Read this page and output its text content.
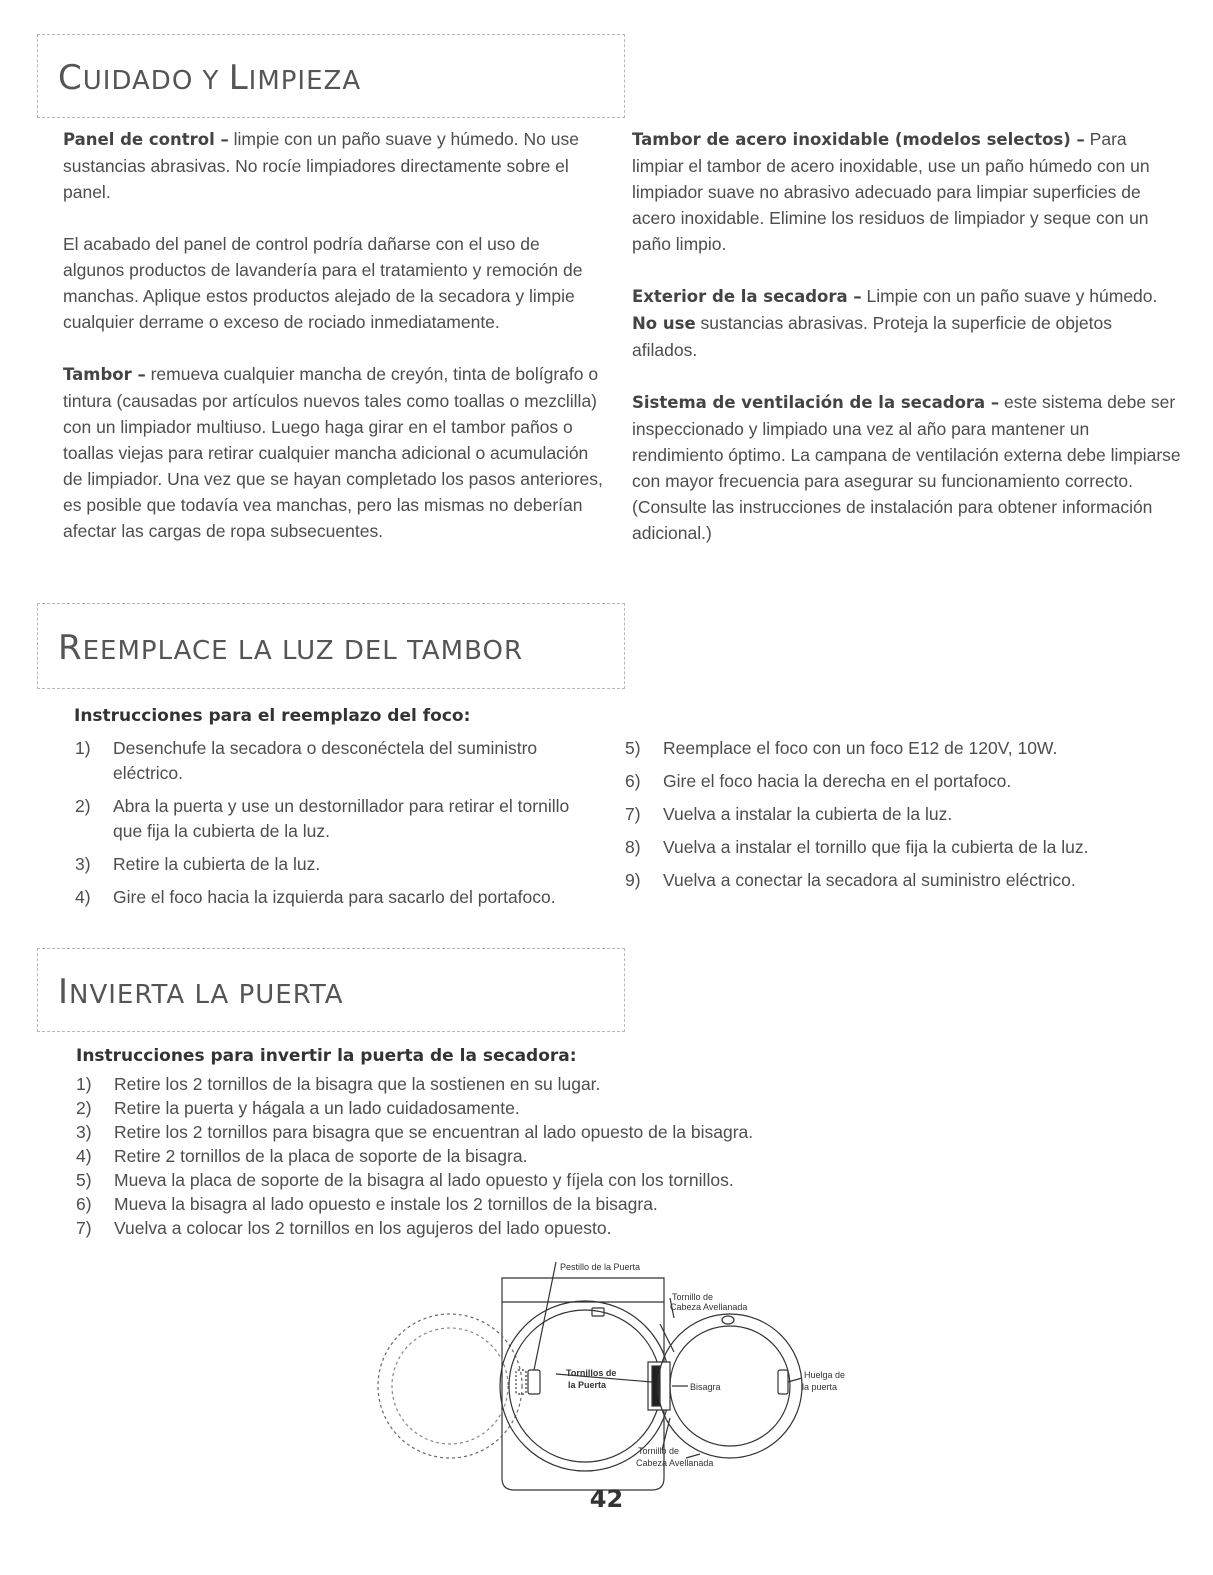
CUIDADO Y LIMPIEZA

Panel de control – limpie con un paño suave y húmedo. No use sustancias abrasivas. No rocíe limpiadores directamente sobre el panel.

El acabado del panel de control podría dañarse con el uso de algunos productos de lavandería para el tratamiento y remoción de manchas. Aplique estos productos alejado de la secadora y limpie cualquier derrame o exceso de rociado inmediatamente.

Tambor – remueva cualquier mancha de creyón, tinta de bolígrafo o tintura (causadas por artículos nuevos tales como toallas o mezclilla) con un limpiador multiuso. Luego haga girar en el tambor paños o toallas viejas para retirar cualquier mancha adicional o acumulación de limpiador. Una vez que se hayan completado los pasos anteriores, es posible que todavía vea manchas, pero las mismas no deberían afectar las cargas de ropa subsecuentes.

Tambor de acero inoxidable (modelos selectos) – Para limpiar el tambor de acero inoxidable, use un paño húmedo con un limpiador suave no abrasivo adecuado para limpiar superficies de acero inoxidable. Elimine los residuos de limpiador y seque con un paño limpio.

Exterior de la secadora – Limpie con un paño suave y húmedo. No use sustancias abrasivas. Proteja la superficie de objetos afilados.

Sistema de ventilación de la secadora – este sistema debe ser inspeccionado y limpiado una vez al año para mantener un rendimiento óptimo. La campana de ventilación externa debe limpiarse con mayor frecuencia para asegurar su funcionamiento correcto. (Consulte las instrucciones de instalación para obtener información adicional.)

REEMPLACE LA LUZ DEL TAMBOR
Instrucciones para el reemplazo del foco:
1) Desenchufe la secadora o desconéctela del suministro eléctrico.
2) Abra la puerta y use un destornillador para retirar el tornillo que fija la cubierta de la luz.
3) Retire la cubierta de la luz.
4) Gire el foco hacia la izquierda para sacarlo del portafoco.
5) Reemplace el foco con un foco E12 de 120V, 10W.
6) Gire el foco hacia la derecha en el portafoco.
7) Vuelva a instalar la cubierta de la luz.
8) Vuelva a instalar el tornillo que fija la cubierta de la luz.
9) Vuelva a conectar la secadora al suministro eléctrico.
INVIERTA LA PUERTA
Instrucciones para invertir la puerta de la secadora:
1) Retire los 2 tornillos de la bisagra que la sostienen en su lugar.
2) Retire la puerta y hágala a un lado cuidadosamente.
3) Retire los 2 tornillos para bisagra que se encuentran al lado opuesto de la bisagra.
4) Retire 2 tornillos de la placa de soporte de la bisagra.
5) Mueva la placa de soporte de la bisagra al lado opuesto y fíjela con los tornillos.
6) Mueva la bisagra al lado opuesto e instale los 2 tornillos de la bisagra.
7) Vuelva a colocar los 2 tornillos en los agujeros del lado opuesto.
Pestillo de la Puerta
Tornillo de
Cabeza Avellanada
Tornillos de
la Puerta	Bisagra
Huelga de
la puerta
Tornillo de
Cabeza Avellanada
42
